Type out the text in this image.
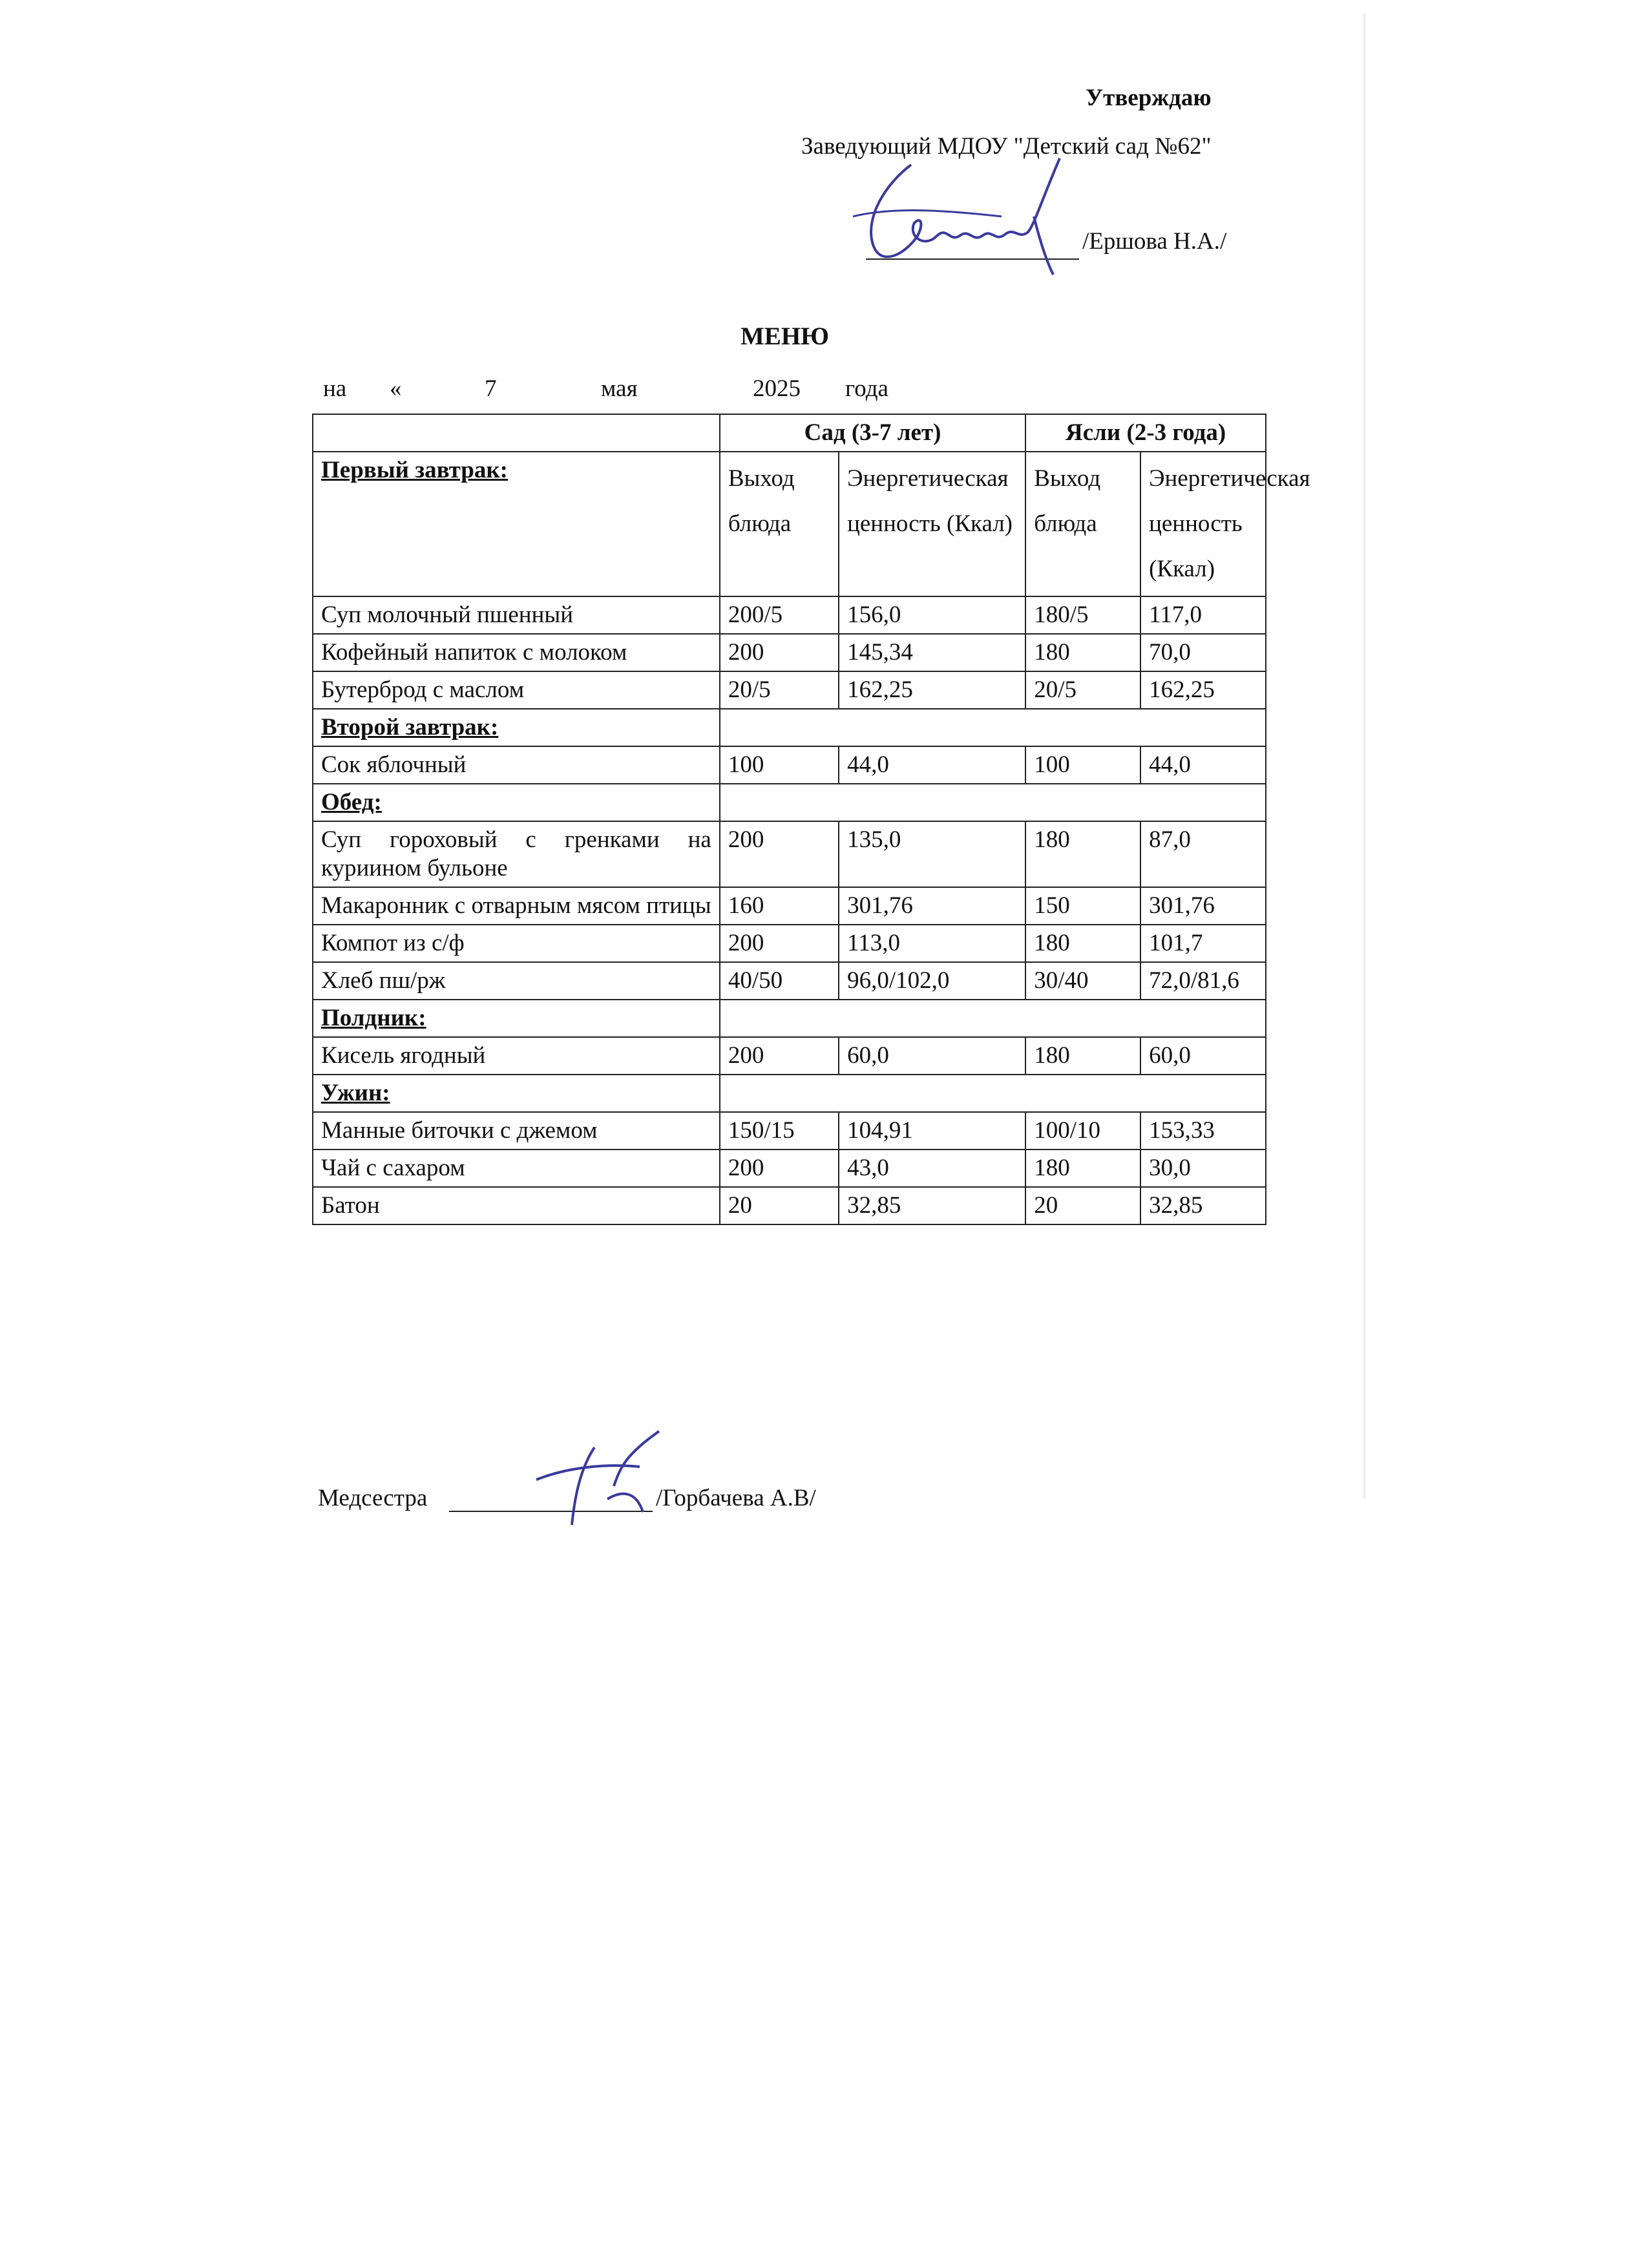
Утверждаю
Заведующий МДОУ "Детский сад №62"
/Ершова Н.А./
МЕНЮ
на «	7	мая	2025 года
	Сад (3-7 лет)		Ясли (2-3 года)	
Первый завтрак:	Выход блюда	Энергетическая ценность (Ккал)	Выход блюда	Энергетическая ценность (Ккал)
Суп молочный пшенный	200/5	156,0	180/5	117,0
Кофейный напиток с молоком	200	145,34	180	70,0
Бутерброд с маслом	20/5	162,25	20/5	162,25
Второй завтрак:				
Сок яблочный	100	44,0	100	44,0
Обед:				
Суп гороховый с гренками на куриином бульоне	200	135,0	180	87,0
Макаронник с отварным мясом птицы	160	301,76	150	301,76
Компот из с/ф	200	113,0	180	101,7
Хлеб пш/рж	40/50	96,0/102,0	30/40	72,0/81,6
Полдник:				
Кисель ягодный	200	60,0	180	60,0
Ужин:				
Манные биточки с джемом	150/15	104,91	100/10	153,33
Чай с сахаром	200	43,0	180	30,0
Батон	20	32,85	20	32,85
Медсестра	/Горбачева А.В/
